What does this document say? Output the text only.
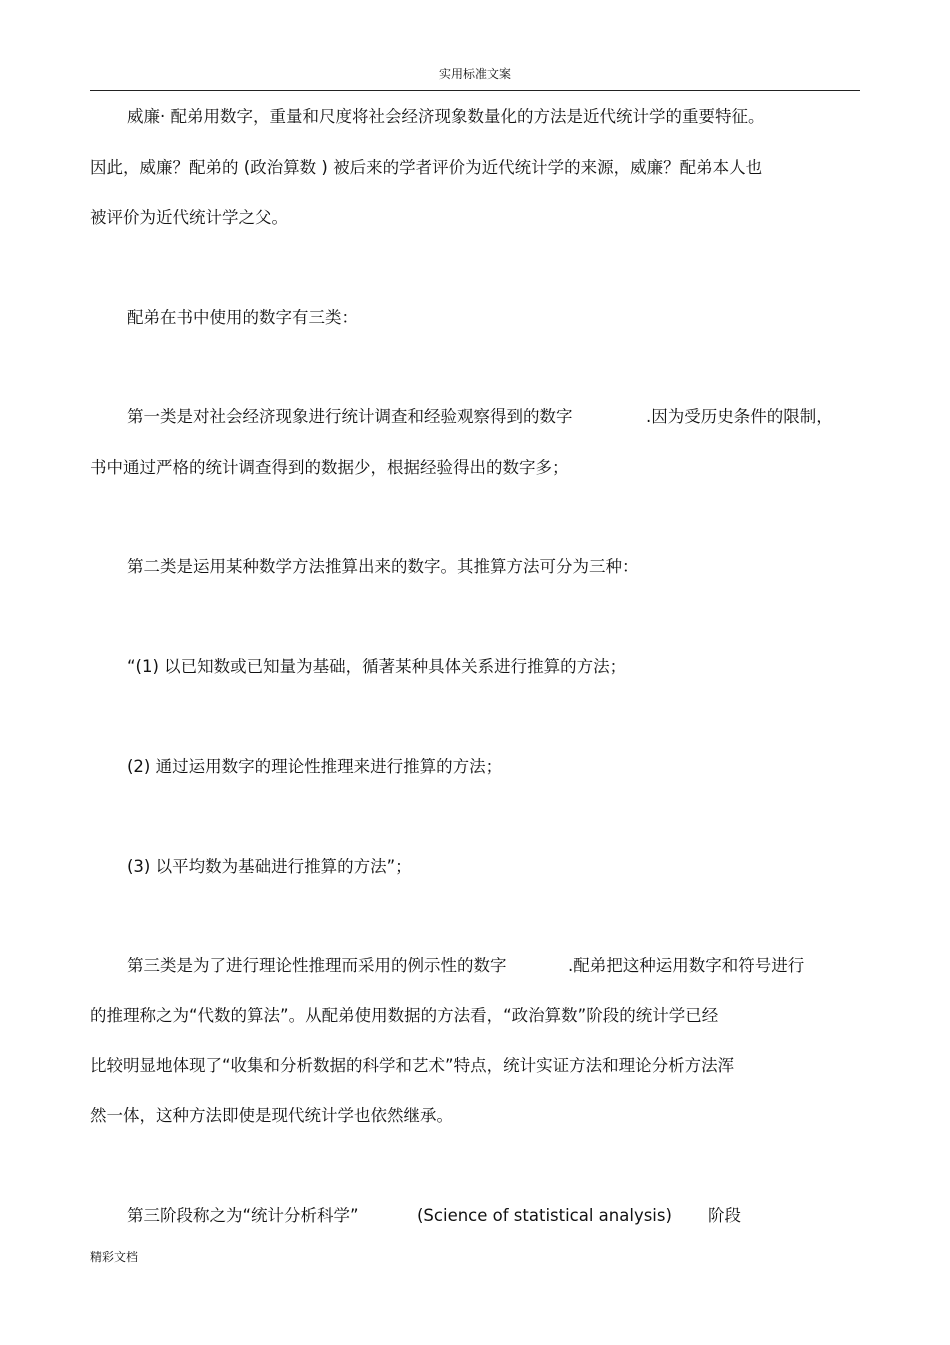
实用标准文案
威廉· 配弟用数字，重量和尺度将社会经济现象数量化的方法是近代统计学的重要特征。
因此，威廉？配弟的 (政治算数 ) 被后来的学者评价为近代统计学的来源，威廉？配弟本人也
被评价为近代统计学之父。
配弟在书中使用的数字有三类：
第一类是对社会经济现象进行统计调查和经验观察得到的数字	.因为受历史条件的限制，
书中通过严格的统计调查得到的数据少，根据经验得出的数字多；
第二类是运用某种数学方法推算出来的数字。其推算方法可分为三种：
“(1) 以已知数或已知量为基础，循著某种具体关系进行推算的方法；
(2) 通过运用数字的理论性推理来进行推算的方法；
(3) 以平均数为基础进行推算的方法”；
第三类是为了进行理论性推理而采用的例示性的数字	.配弟把这种运用数字和符号进行
的推理称之为“代数的算法”。从配弟使用数据的方法看，“政治算数”阶段的统计学已经
比较明显地体现了“收集和分析数据的科学和艺术”特点，统计实证方法和理论分析方法浑
然一体，这种方法即使是现代统计学也依然继承。
第三阶段称之为“统计分析科学”	(Science of statistical analysis) 阶段
精彩文档
